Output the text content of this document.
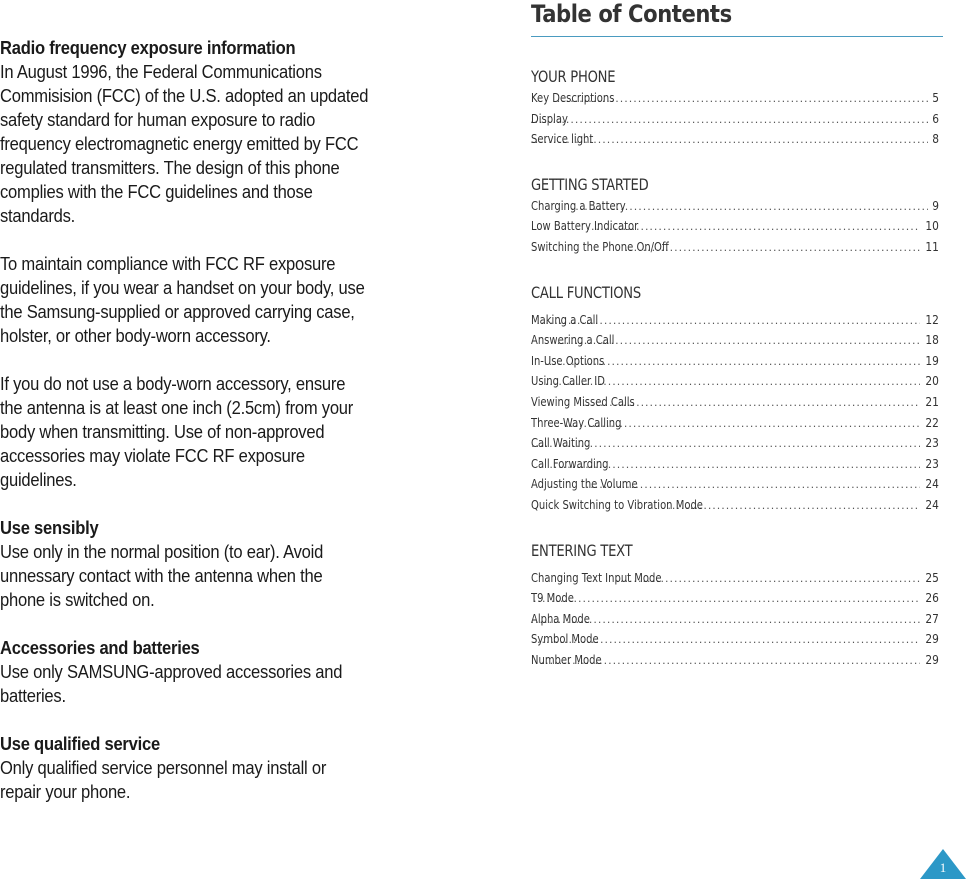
Radio frequency exposure information

In August 1996, the Federal Communications Commisision (FCC) of the U.S. adopted an updated safety standard for human exposure to radio frequency electromagnetic energy emitted by FCC regulated transmitters. The design of this phone complies with the FCC guidelines and those standards.

To maintain compliance with FCC RF exposure guidelines, if you wear a handset on your body, use the Samsung-supplied or approved carrying case, holster, or other body-worn accessory.

If you do not use a body-worn accessory, ensure the antenna is at least one inch (2.5cm) from your body when transmitting. Use of non-approved accessories may violate FCC RF exposure guidelines.

Use sensibly

Use only in the normal position (to ear). Avoid unnessary contact with the antenna when the phone is switched on.

Accessories and batteries

Use only SAMSUNG-approved accessories and batteries.

Use qualified service

Only qualified service personnel may install or repair your phone.

Table of Contents
YOUR PHONE
Key Descriptions .....	5
Display .....	6
Service light .....	8
GETTING STARTED
Charging a Battery .....	9
Low Battery Indicator .....	10
Switching the Phone On/Off .....	11
CALL FUNCTIONS
Making a Call .....	12
Answering a Call .....	18
In-Use Options .....	19
Using Caller ID .....	20
Viewing Missed Calls .....	21
Three-Way Calling .....	22
Call Waiting .....	23
Call Forwarding .....	23
Adjusting the Volume .....	24
Quick Switching to Vibration Mode .....	24
ENTERING TEXT
Changing Text Input Mode .....	25
T9 Mode .....	26
Alpha Mode .....	27
Symbol Mode .....	29
Number Mode .....	29
1
